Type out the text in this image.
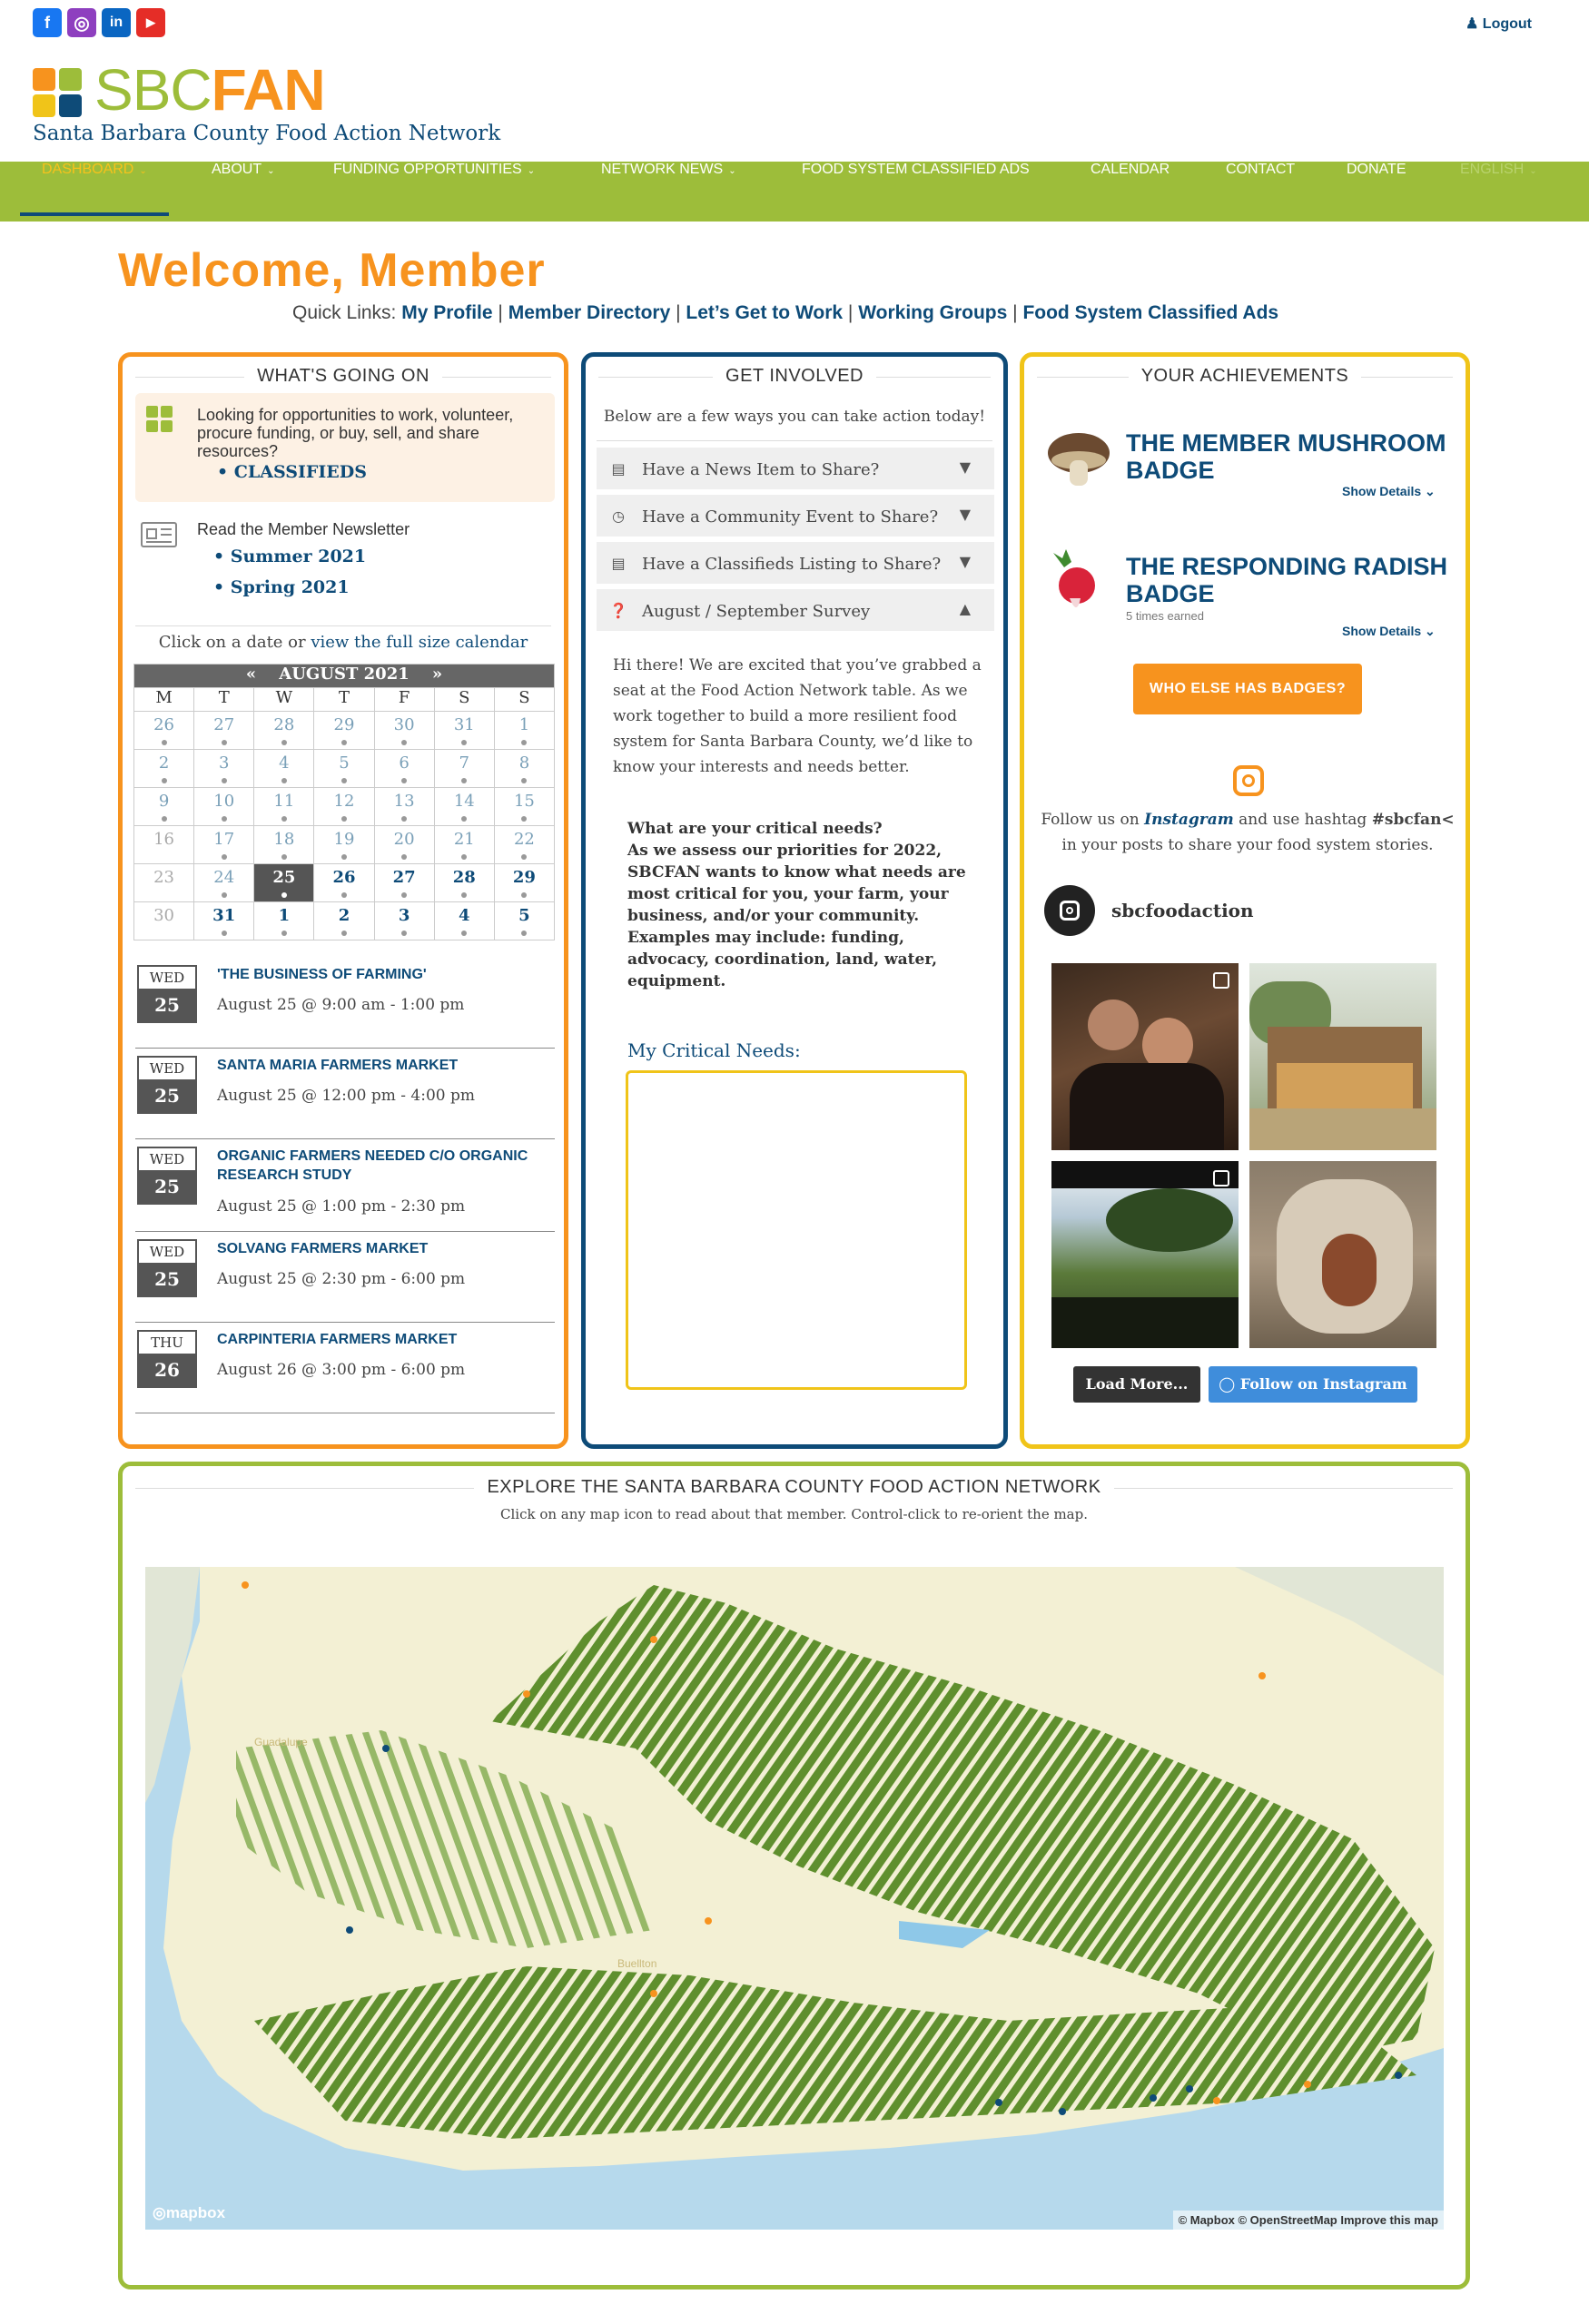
f	◎	in	▶	♟ Logout
SBCFAN
Santa Barbara County Food Action Network
DASHBOARD ⌄	ABOUT ⌄	FUNDING OPPORTUNITIES ⌄	NETWORK NEWS ⌄	FOOD SYSTEM CLASSIFIED ADS	CALENDAR	CONTACT	DONATE	ENGLISH ⌄
Welcome, Member
Quick Links: My Profile | Member Directory | Let’s Get to Work | Working Groups | Food System Classified Ads
WHAT'S GOING ON

Looking for opportunities to work, volunteer, procure funding, or buy, sell, and share resources?

• CLASSIFIEDS
Read the Member Newsletter
• Summer 2021
• Spring 2021
Click on a date or view the full size calendar
« AUGUST 2021 »						
M	T	W	T	F	S	S
26	27	28	29	30	31	1

2	3	4	5	6	7	8

9	10	11	12	13	14	15

16	17	18	19	20	21	22

23	24	25	26	27	28	29

30	31	1	2	3	4	5
WED
25
'THE BUSINESS OF FARMING'
August 25 @ 9:00 am - 1:00 pm
WED
25
SANTA MARIA FARMERS MARKET
August 25 @ 12:00 pm - 4:00 pm
WED
25
ORGANIC FARMERS NEEDED C/O ORGANIC RESEARCH STUDY
August 25 @ 1:00 pm - 2:30 pm
WED
25
SOLVANG FARMERS MARKET
August 25 @ 2:30 pm - 6:00 pm
THU
26
CARPINTERIA FARMERS MARKET
August 26 @ 3:00 pm - 6:00 pm
GET INVOLVED
Below are a few ways you can take action today!
▤ Have a News Item to Share?	▼
◷ Have a Community Event to Share? ▼
▤ Have a Classifieds Listing to Share? ▼
❓ August / September Survey	▲
Hi there! We are excited that you’ve grabbed a seat at the Food Action Network table. As we work together to build a more resilient food system for Santa Barbara County, we’d like to know your interests and needs better.
What are your critical needs?
As we assess our priorities for 2022, SBCFAN wants to know what needs are most critical for you, your farm, your business, and/or your community. Examples may include: funding, advocacy, coordination, land, water, equipment.
My Critical Needs:
YOUR ACHIEVEMENTS
THE MEMBER MUSHROOM BADGE
Show Details ⌄
THE RESPONDING RADISH BADGE
5 times earned
Show Details ⌄
WHO ELSE HAS BADGES?
Follow us on Instagram and use hashtag #sbcfan< in your posts to share your food system stories.
sbcfoodaction
Load More...	◯ Follow on Instagram
EXPLORE THE SANTA BARBARA COUNTY FOOD ACTION NETWORK
Click on any map icon to read about that member. Control-click to re-orient the map.
Guadalupe
Buellton
◎mapbox	© Mapbox © OpenStreetMap Improve this map
